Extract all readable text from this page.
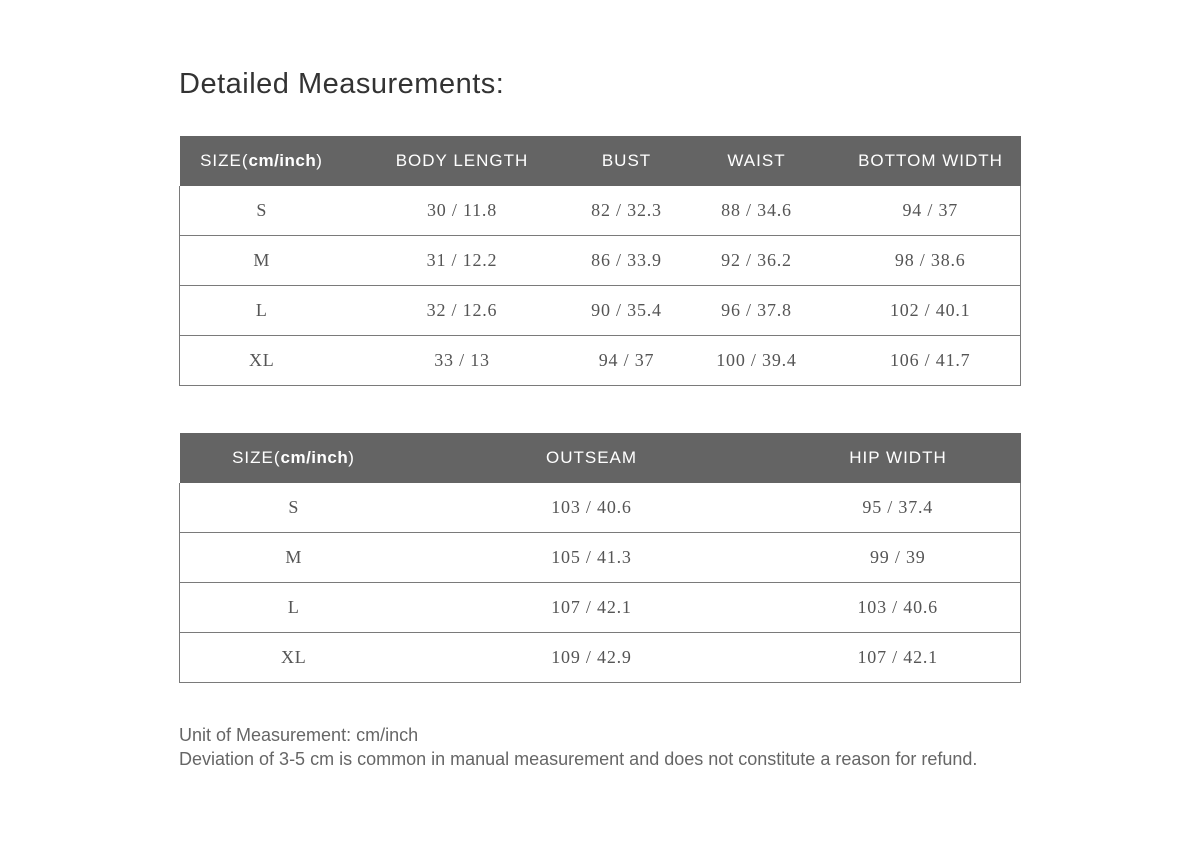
Detailed Measurements:
SIZE(cm/inch)	BODY LENGTH	BUST	WAIST	BOTTOM WIDTH
S	30 / 11.8	82 / 32.3	88 / 34.6	94 / 37
M	31 / 12.2	86 / 33.9	92 / 36.2	98 / 38.6
L	32 / 12.6	90 / 35.4	96 / 37.8	102 / 40.1
XL	33 / 13	94 / 37	100 / 39.4	106 / 41.7
SIZE(cm/inch)	OUTSEAM	HIP WIDTH
S	103 / 40.6	95 / 37.4
M	105 / 41.3	99 / 39
L	107 / 42.1	103 / 40.6
XL	109 / 42.9	107 / 42.1
Unit of Measurement: cm/inch
Deviation of 3-5 cm is common in manual measurement and does not constitute a reason for refund.
